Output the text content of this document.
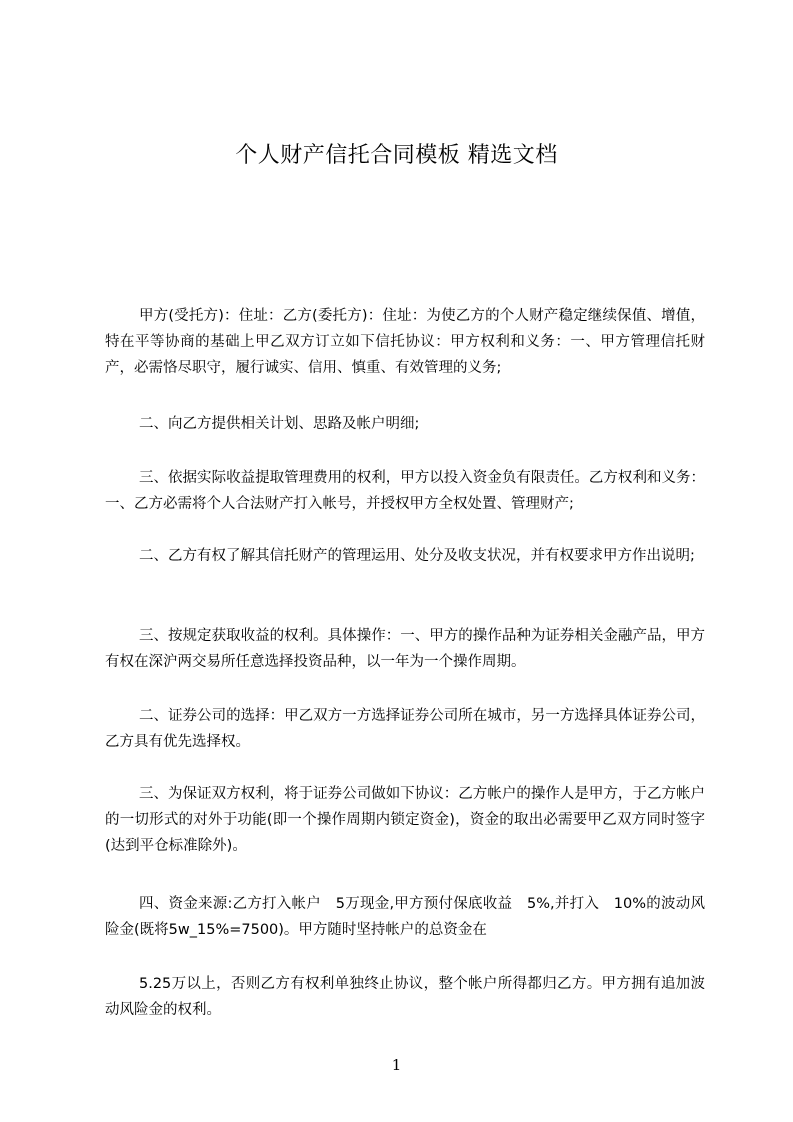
个人财产信托合同模板 精选文档

甲方(受托方)：住址：乙方(委托方)：住址：为使乙方的个人财产稳定继续保值、增值，特在平等协商的基础上甲乙双方订立如下信托协议：甲方权利和义务：一、甲方管理信托财产，必需恪尽职守，履行诚实、信用、慎重、有效管理的义务;

二、向乙方提供相关计划、思路及帐户明细;

三、依据实际收益提取管理费用的权利，甲方以投入资金负有限责任。乙方权利和义务：一、乙方必需将个人合法财产打入帐号，并授权甲方全权处置、管理财产;

二、乙方有权了解其信托财产的管理运用、处分及收支状况，并有权要求甲方作出说明;

三、按规定获取收益的权利。具体操作：一、甲方的操作品种为证券相关金融产品，甲方有权在深沪两交易所任意选择投资品种，以一年为一个操作周期。

二、证券公司的选择：甲乙双方一方选择证券公司所在城市，另一方选择具体证券公司，乙方具有优先选择权。

三、为保证双方权利，将于证券公司做如下协议：乙方帐户的操作人是甲方，于乙方帐户的一切形式的对外于功能(即一个操作周期内锁定资金)，资金的取出必需要甲乙双方同时签字(达到平仓标准除外)。

四、资金来源:乙方打入帐户　5万现金,甲方预付保底收益　5%,并打入　10%的波动风险金(既将5w_15%=7500)。甲方随时坚持帐户的总资金在

5.25万以上，否则乙方有权利单独终止协议，整个帐户所得都归乙方。甲方拥有追加波动风险金的权利。

1
